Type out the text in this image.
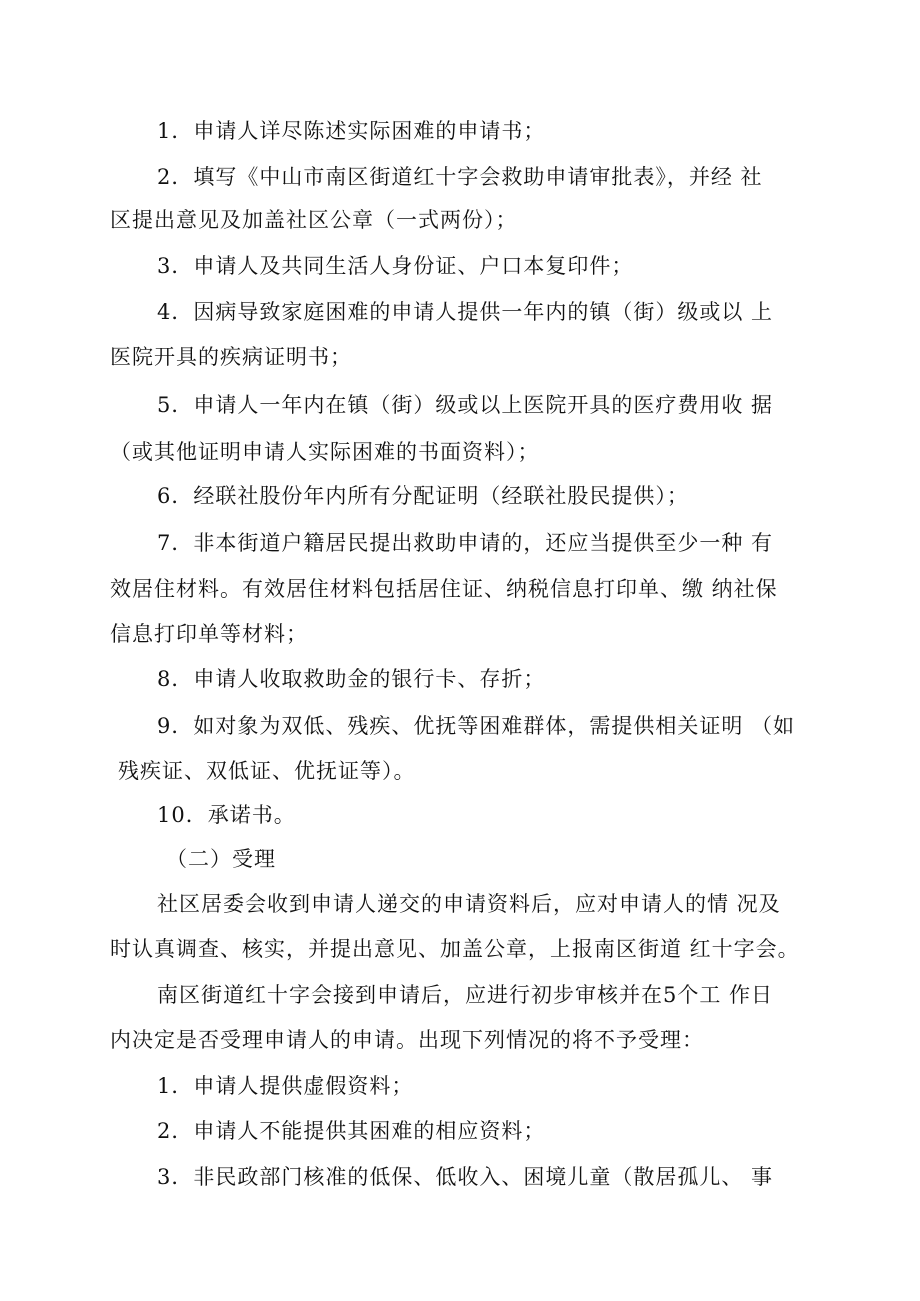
1．申请人详尽陈述实际困难的申请书；
2．填写《中山市南区街道红十字会救助申请审批表》，并经 社
区提出意见及加盖社区公章（一式两份）；
3．申请人及共同生活人身份证、户口本复印件；
4．因病导致家庭困难的申请人提供一年内的镇（街）级或以 上
医院开具的疾病证明书；
5．申请人一年内在镇（街）级或以上医院开具的医疗费用收 据
（或其他证明申请人实际困难的书面资料）；
6．经联社股份年内所有分配证明（经联社股民提供）；
7．非本街道户籍居民提出救助申请的，还应当提供至少一种 有
效居住材料。有效居住材料包括居住证、纳税信息打印单、缴 纳社保
信息打印单等材料；
8．申请人收取救助金的银行卡、存折；
9．如对象为双低、残疾、优抚等困难群体，需提供相关证明 （如
残疾证、双低证、优抚证等）。
10．承诺书。
（二）受理
社区居委会收到申请人递交的申请资料后，应对申请人的情 况及
时认真调查、核实，并提出意见、加盖公章，上报南区街道 红十字会。
南区街道红十字会接到申请后，应进行初步审核并在5个工 作日
内决定是否受理申请人的申请。出现下列情况的将不予受理：
1．申请人提供虚假资料；
2．申请人不能提供其困难的相应资料；
3．非民政部门核准的低保、低收入、困境儿童（散居孤儿、 事
